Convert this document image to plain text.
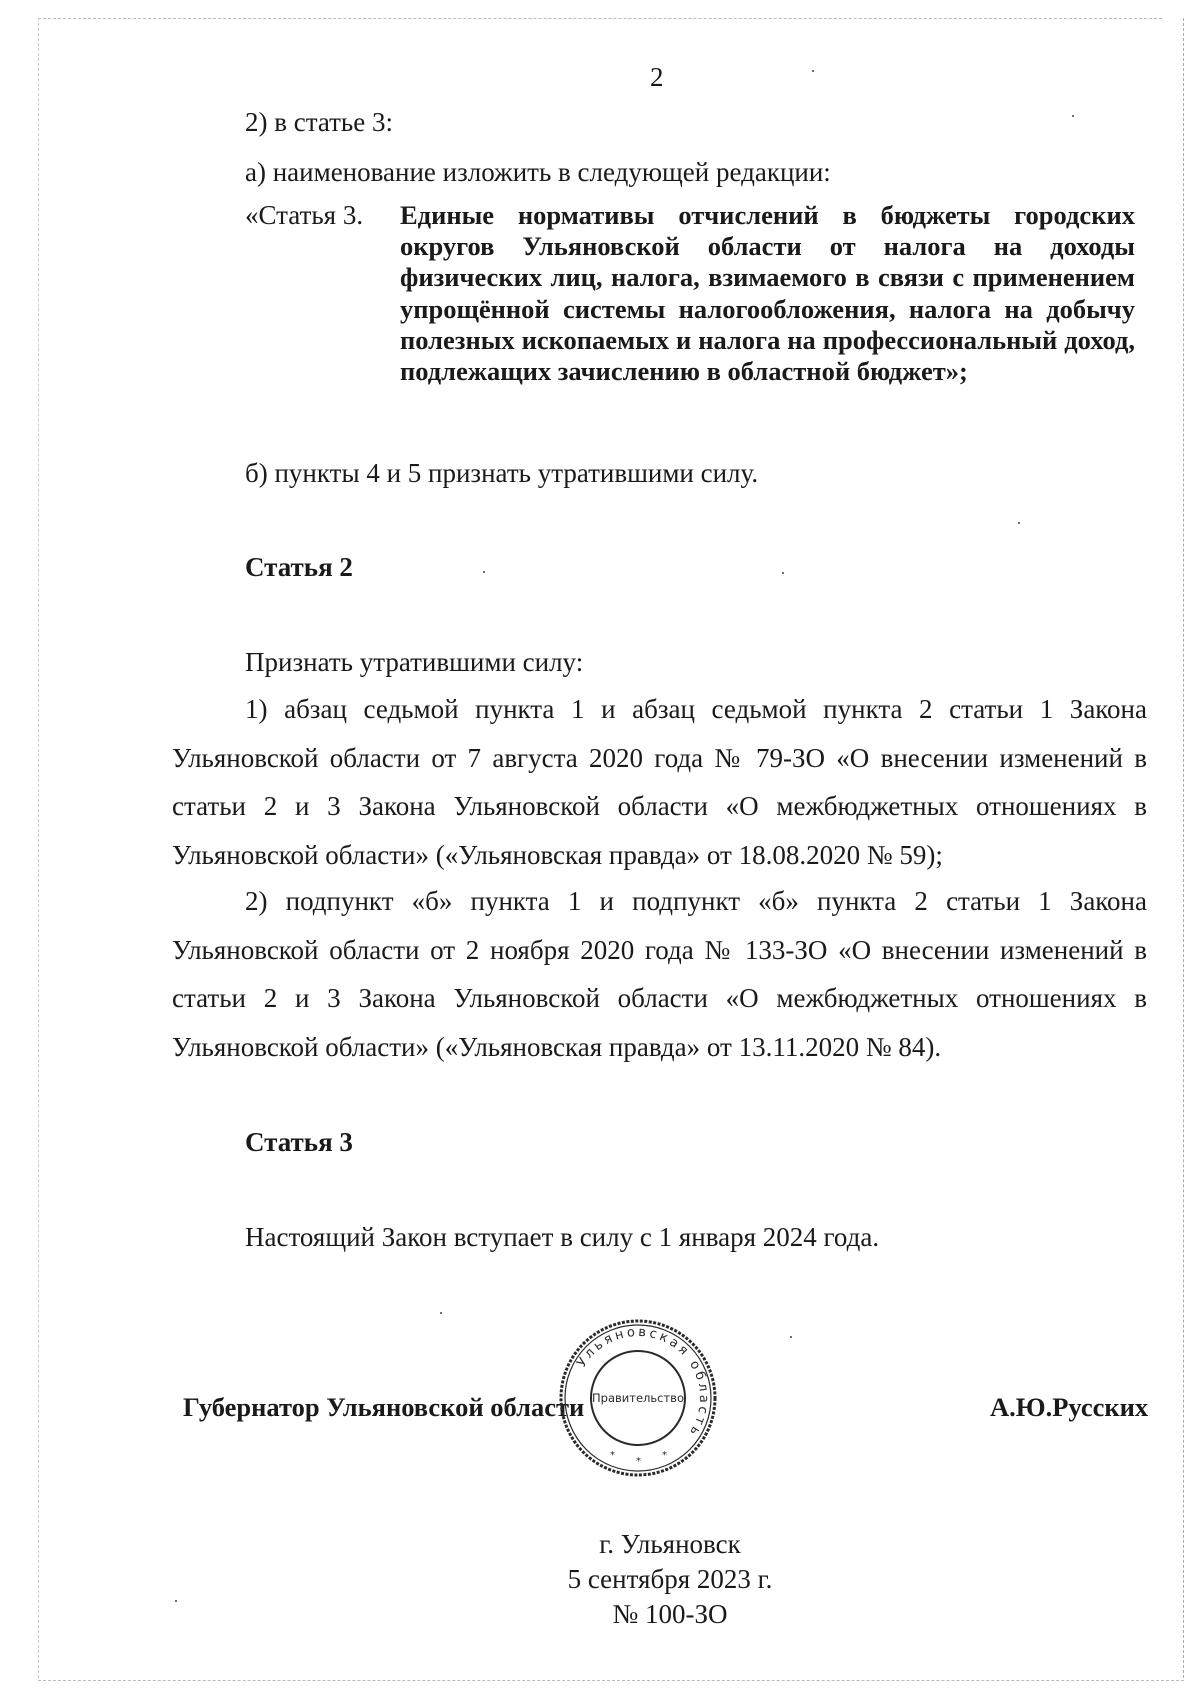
2
2) в статье 3:
а) наименование изложить в следующей редакции:
«Статья 3. Единые нормативы отчислений в бюджеты городских округов Ульяновской области от налога на доходы физических лиц, налога, взимаемого в связи с применением упрощённой системы налогообложения, налога на добычу полезных ископаемых и налога на профессиональный доход, подлежащих зачислению в областной бюджет»;
б) пункты 4 и 5 признать утратившими силу.
Статья 2
Признать утратившими силу:
1) абзац седьмой пункта 1 и абзац седьмой пункта 2 статьи 1 Закона Ульяновской области от 7 августа 2020 года № 79-ЗО «О внесении изменений в статьи 2 и 3 Закона Ульяновской области «О межбюджетных отношениях в Ульяновской области» («Ульяновская правда» от 18.08.2020 № 59);
2) подпункт «б» пункта 1 и подпункт «б» пункта 2 статьи 1 Закона Ульяновской области от 2 ноября 2020 года № 133-ЗО «О внесении изменений в статьи 2 и 3 Закона Ульяновской области «О межбюджетных отношениях в Ульяновской области» («Ульяновская правда» от 13.11.2020 № 84).
Статья 3
Настоящий Закон вступает в силу с 1 января 2024 года.
Губернатор Ульяновской области	А.Ю.Русских
Ульяновская область
Правительство
*
*
*
г. Ульяновск
5 сентября 2023 г.
№ 100-ЗО
